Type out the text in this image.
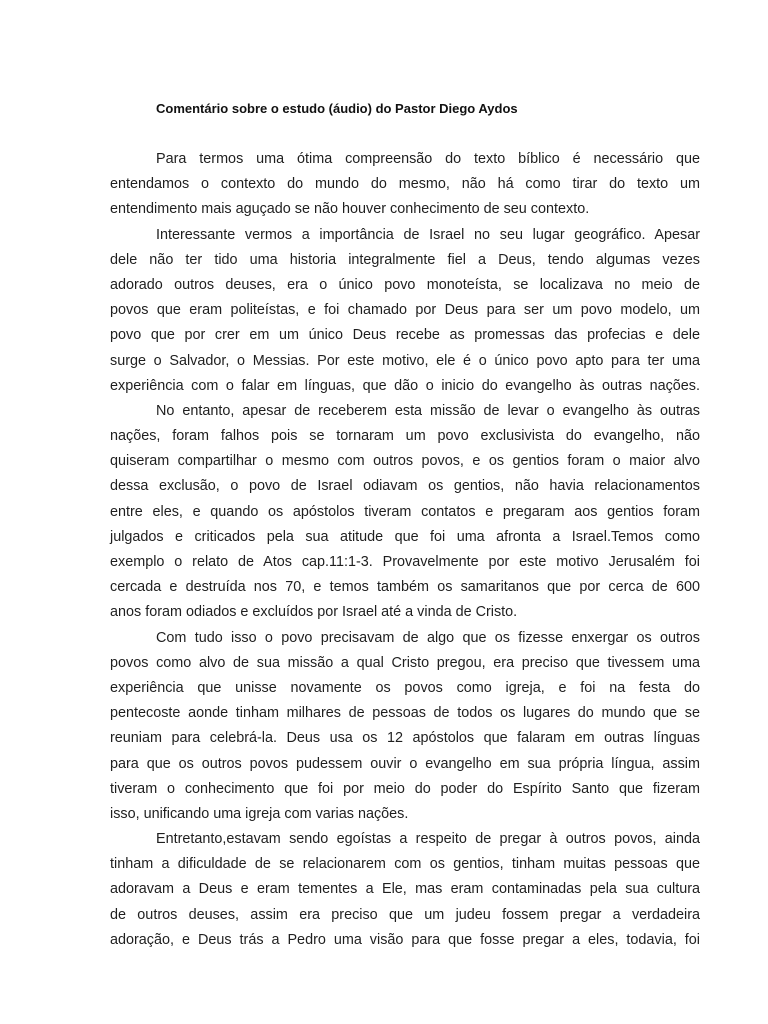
Comentário sobre o estudo (áudio) do Pastor Diego Aydos
Para termos uma ótima compreensão do texto bíblico é necessário que
entendamos o contexto do mundo do mesmo, não há como tirar do texto um
entendimento mais aguçado se não houver conhecimento de seu contexto.
Interessante vermos a importância de Israel no seu lugar geográfico. Apesar
dele não ter tido uma historia integralmente fiel a Deus, tendo algumas vezes
adorado outros deuses, era o único povo monoteísta, se localizava no meio de
povos que eram politeístas, e foi chamado por Deus para ser um povo modelo, um
povo que por crer em um único Deus recebe as promessas das profecias e dele
surge o Salvador, o Messias. Por este motivo, ele é o único povo apto para ter uma
experiência com o falar em línguas, que dão o inicio do evangelho às outras nações.
No entanto, apesar de receberem esta missão de levar o evangelho às outras
nações, foram falhos pois se tornaram um povo exclusivista do evangelho, não
quiseram compartilhar o mesmo com outros povos, e os gentios foram o maior alvo
dessa exclusão, o povo de Israel odiavam os gentios, não havia relacionamentos
entre eles, e quando os apóstolos tiveram contatos e pregaram aos gentios foram
julgados e criticados pela sua atitude que foi uma afronta a Israel.Temos como
exemplo o relato de Atos cap.11:1-3. Provavelmente por este motivo Jerusalém foi
cercada e destruída nos 70, e temos também os samaritanos que por cerca de 600
anos foram odiados e excluídos por Israel até a vinda de Cristo.
Com tudo isso o povo precisavam de algo que os fizesse enxergar os outros
povos como alvo de sua missão a qual Cristo pregou, era preciso que tivessem uma
experiência que unisse novamente os povos como igreja, e foi na festa do
pentecoste aonde tinham milhares de pessoas de todos os lugares do mundo que se
reuniam para celebrá-la. Deus usa os 12 apóstolos que falaram em outras línguas
para que os outros povos pudessem ouvir o evangelho em sua própria língua, assim
tiveram o conhecimento que foi por meio do poder do Espírito Santo que fizeram
isso, unificando uma igreja com varias nações.
Entretanto,estavam sendo egoístas a respeito de pregar à outros povos, ainda
tinham a dificuldade de se relacionarem com os gentios, tinham muitas pessoas que
adoravam a Deus e eram tementes a Ele, mas eram contaminadas pela sua cultura
de outros deuses, assim era preciso que um judeu fossem pregar a verdadeira
adoração, e Deus trás a Pedro uma visão para que fosse pregar a eles, todavia, foi
